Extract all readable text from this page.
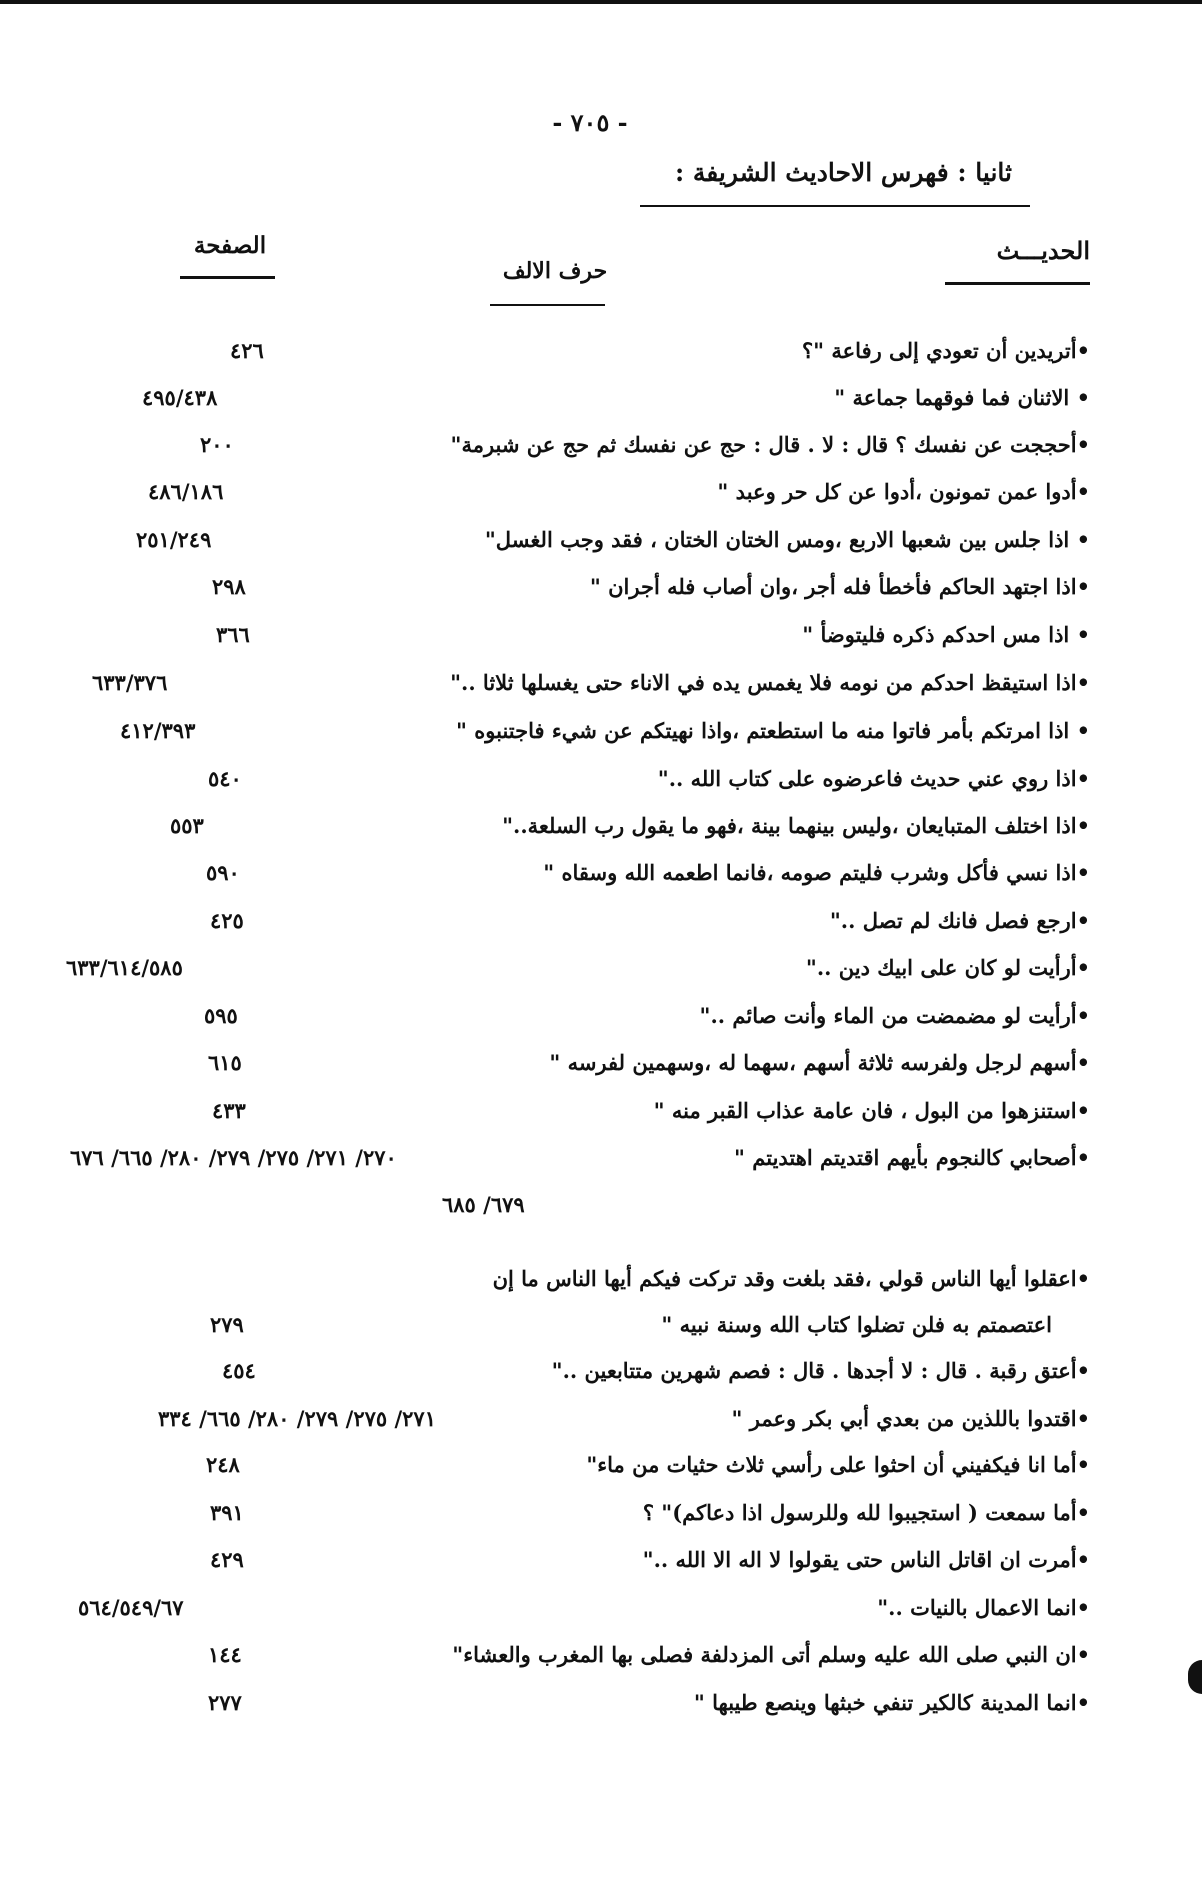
- ٧٠٥ -
ثانيا : فهرس الاحاديث الشريفة :
الحديـــث
الصفحة
حرف الالف
•أتريدين أن تعودي إلى رفاعة "؟
٤٢٦
• الاثنان فما فوقهما جماعة "
٤٩٥/٤٣٨
•أحججت عن نفسك ؟ قال : لا . قال : حج عن نفسك ثم حج عن شبرمة"
٢٠٠
•أدوا عمن تمونون ،أدوا عن كل حر وعبد "
٤٨٦/١٨٦
• اذا جلس بين شعبها الاربع ،ومس الختان الختان ، فقد وجب الغسل"
٢٥١/٢٤٩
•اذا اجتهد الحاكم فأخطأ فله أجر ،وان أصاب فله أجران "
٢٩٨
• اذا مس احدكم ذكره فليتوضأ "
٣٦٦
•اذا استيقظ احدكم من نومه فلا يغمس يده في الاناء حتى يغسلها ثلاثا .."
٦٣٣/٣٧٦
• اذا امرتكم بأمر فاتوا منه ما استطعتم ،واذا نهيتكم عن شيء فاجتنبوه "
٤١٢/٣٩٣
•اذا روي عني حديث فاعرضوه على كتاب الله .."
٥٤٠
•اذا اختلف المتبايعان ،وليس بينهما بينة ،فهو ما يقول رب السلعة.."
٥٥٣
•اذا نسي فأكل وشرب فليتم صومه ،فانما اطعمه الله وسقاه "
٥٩٠
•ارجع فصل فانك لم تصل .."
٤٢٥
•أرأيت لو كان على ابيك دين .."
٦٣٣/٦١٤/٥٨٥
•أرأيت لو مضمضت من الماء وأنت صائم .."
٥٩٥
•أسهم لرجل ولفرسه ثلاثة أسهم ،سهما له ،وسهمين لفرسه "
٦١٥
•استنزهوا من البول ، فان عامة عذاب القبر منه "
٤٣٣
•أصحابي كالنجوم بأيهم اقتديتم اهتديتم "
٢٧٠/ ٢٧١/ ٢٧٥/ ٢٧٩/ ٢٨٠/ ٦٦٥/ ٦٧٦
٦٧٩/ ٦٨٥
•اعقلوا أيها الناس قولي ،فقد بلغت وقد تركت فيكم أيها الناس ما إن
اعتصمتم به فلن تضلوا كتاب الله وسنة نبيه "
٢٧٩
•أعتق رقبة . قال : لا أجدها . قال : فصم شهرين متتابعين .."
٤٥٤
•اقتدوا باللذين من بعدي أبي بكر وعمر "
٢٧١/ ٢٧٥/ ٢٧٩/ ٢٨٠/ ٦٦٥/ ٣٣٤
•أما انا فيكفيني أن احثوا على رأسي ثلاث حثيات من ماء"
٢٤٨
•أما سمعت ( استجيبوا لله وللرسول اذا دعاكم)" ؟
٣٩١
•أمرت ان اقاتل الناس حتى يقولوا لا اله الا الله .."
٤٢٩
•انما الاعمال بالنيات .."
٥٦٤/٥٤٩/٦٧
•ان النبي صلى الله عليه وسلم أتى المزدلفة فصلى بها المغرب والعشاء"
١٤٤
•انما المدينة كالكير تنفي خبثها وينصع طيبها "
٢٧٧
